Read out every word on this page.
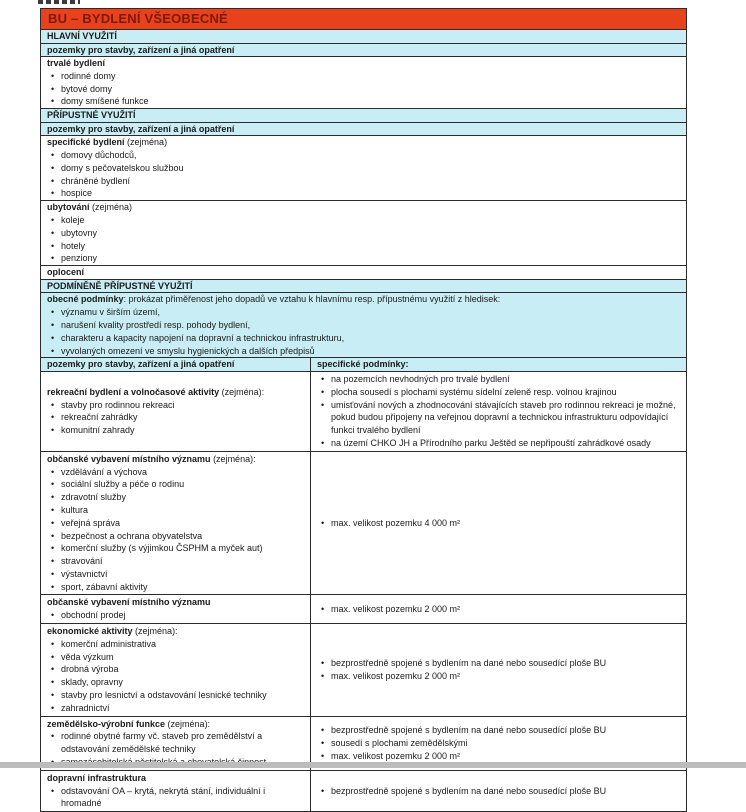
BU – BYDLENÍ VŠEOBECNÉ
HLAVNÍ VYUŽITÍ
pozemky pro stavby, zařízení a jiná opatření
trvalé bydlení
• rodinné domy
• bytové domy
• domy smíšené funkce
PŘÍPUSTNÉ VYUŽITÍ
pozemky pro stavby, zařízení a jiná opatření
specifické bydlení (zejména)
• domovy důchodců,
• domy s pečovatelskou službou
• chráněné bydlení
• hospice
ubytování (zejména)
• koleje
• ubytovny
• hotely
• penziony
oplocení
PODMÍNĚNĚ PŘÍPUSTNÉ VYUŽITÍ
obecné podmínky: prokázat přiměřenost jeho dopadů ve vztahu k hlavnímu resp. přípustnému využití z hledisek:
• významu v širším území,
• narušení kvality prostředí resp. pohody bydlení,
• charakteru a kapacity napojení na dopravní a technickou infrastrukturu,
• vyvolaných omezení ve smyslu hygienických a dalších předpisů
pozemky pro stavby, zařízení a jiná opatření	specifické podmínky:
rekreační bydlení a volnočasové aktivity (zejména):
• stavby pro rodinnou rekreaci
• rekreační zahrádky
• komunitní zahrady
• na pozemcích nevhodných pro trvalé bydlení
• plocha sousedí s plochami systému sídelní zeleně resp. volnou krajinou
• umisťování nových a zhodnocování stávajících staveb pro rodinnou rekreaci je možné, pokud budou připojeny na veřejnou dopravní a technickou infrastrukturu odpovídající funkci trvalého bydlení
• na území CHKO JH a Přírodního parku Ještěd se nepřipouští zahrádkové osady
občanské vybavení místního významu (zejména):
• vzdělávání a výchova
• sociální služby a péče o rodinu
• zdravotní služby
• kultura
• veřejná správa
• bezpečnost a ochrana obyvatelstva
• komerční služby (s výjimkou ČSPHM a myček aut)
• stravování
• výstavnictví
• sport, zábavní aktivity
• max. velikost pozemku 4 000 m²
občanské vybavení místního významu
• obchodní prodej
• max. velikost pozemku 2 000 m²
ekonomické aktivity (zejména):
• komerční administrativa
• věda výzkum
• drobná výroba
• sklady, opravny
• stavby pro lesnictví a odstavování lesnické techniky
• zahradnictví
• bezprostředně spojené s bydlením na dané nebo sousedící ploše BU
• max. velikost pozemku 2 000 m²
zemědělsko-výrobní funkce (zejména):
• rodinné obytné farmy vč. staveb pro zemědělství a odstavování zemědělské techniky
•
• bezprostředně spojené s bydlením na dané nebo sousedící ploše BU
• sousedí s plochami zemědělskými
• max. velikost pozemku 2 000 m²
dopravní infrastruktura
• odstavování OA – krytá, nekrytá stání, individuální i hromadné
• bezprostředně spojené s bydlením na dané nebo sousedící ploše BU
